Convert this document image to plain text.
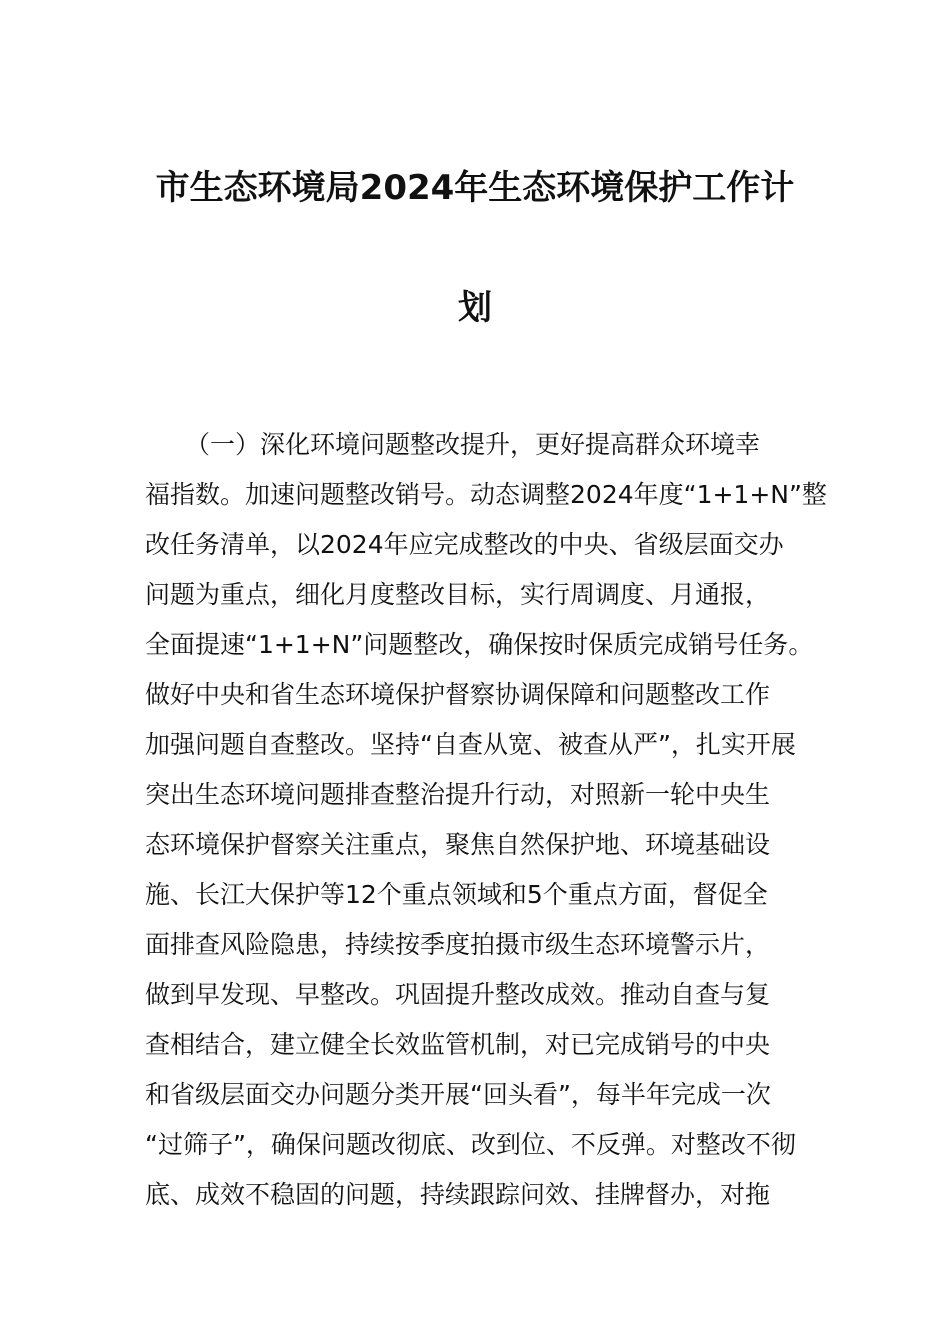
市生态环境局2024年生态环境保护工作计
划
（一）深化环境问题整改提升，更好提高群众环境幸
福指数。加速问题整改销号。动态调整2024年度“1+1+N”整
改任务清单，以2024年应完成整改的中央、省级层面交办
问题为重点，细化月度整改目标，实行周调度、月通报，
全面提速“1+1+N”问题整改，确保按时保质完成销号任务。
做好中央和省生态环境保护督察协调保障和问题整改工作
加强问题自查整改。坚持“自查从宽、被查从严”，扎实开展
突出生态环境问题排查整治提升行动，对照新一轮中央生
态环境保护督察关注重点，聚焦自然保护地、环境基础设
施、长江大保护等12个重点领域和5个重点方面，督促全
面排查风险隐患，持续按季度拍摄市级生态环境警示片，
做到早发现、早整改。巩固提升整改成效。推动自查与复
查相结合，建立健全长效监管机制，对已完成销号的中央
和省级层面交办问题分类开展“回头看”，每半年完成一次
“过筛子”，确保问题改彻底、改到位、不反弹。对整改不彻
底、成效不稳固的问题，持续跟踪问效、挂牌督办，对拖
